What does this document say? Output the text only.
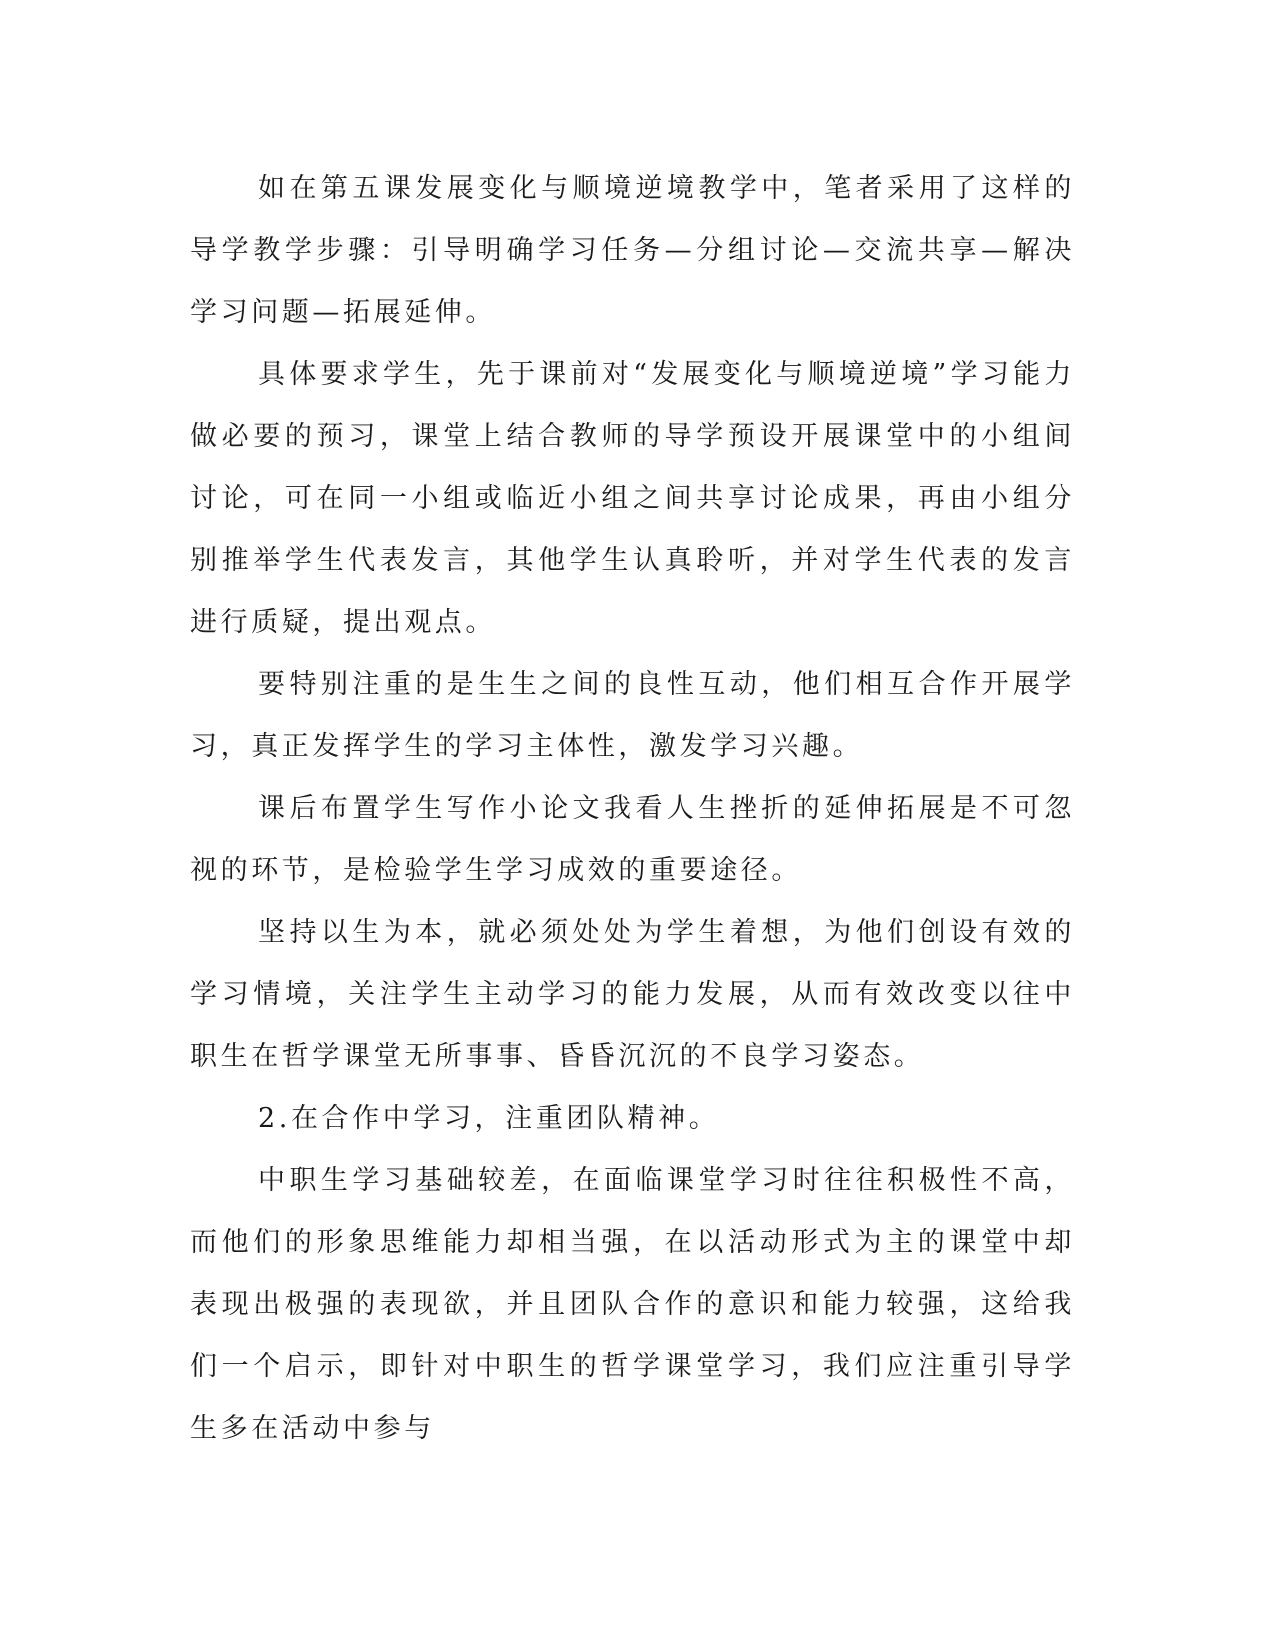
如在第五课发展变化与顺境逆境教学中，笔者采用了这样的导学教学步骤：引导明确学习任务—分组讨论—交流共享—解决学习问题—拓展延伸。

具体要求学生，先于课前对“发展变化与顺境逆境”学习能力做必要的预习，课堂上结合教师的导学预设开展课堂中的小组间讨论，可在同一小组或临近小组之间共享讨论成果，再由小组分别推举学生代表发言，其他学生认真聆听，并对学生代表的发言进行质疑，提出观点。

要特别注重的是生生之间的良性互动，他们相互合作开展学习，真正发挥学生的学习主体性，激发学习兴趣。

课后布置学生写作小论文我看人生挫折的延伸拓展是不可忽视的环节，是检验学生学习成效的重要途径。

坚持以生为本，就必须处处为学生着想，为他们创设有效的学习情境，关注学生主动学习的能力发展，从而有效改变以往中职生在哲学课堂无所事事、昏昏沉沉的不良学习姿态。

2.在合作中学习，注重团队精神。

中职生学习基础较差，在面临课堂学习时往往积极性不高，而他们的形象思维能力却相当强，在以活动形式为主的课堂中却表现出极强的表现欲，并且团队合作的意识和能力较强，这给我们一个启示，即针对中职生的哲学课堂学习，我们应注重引导学生多在活动中参与
